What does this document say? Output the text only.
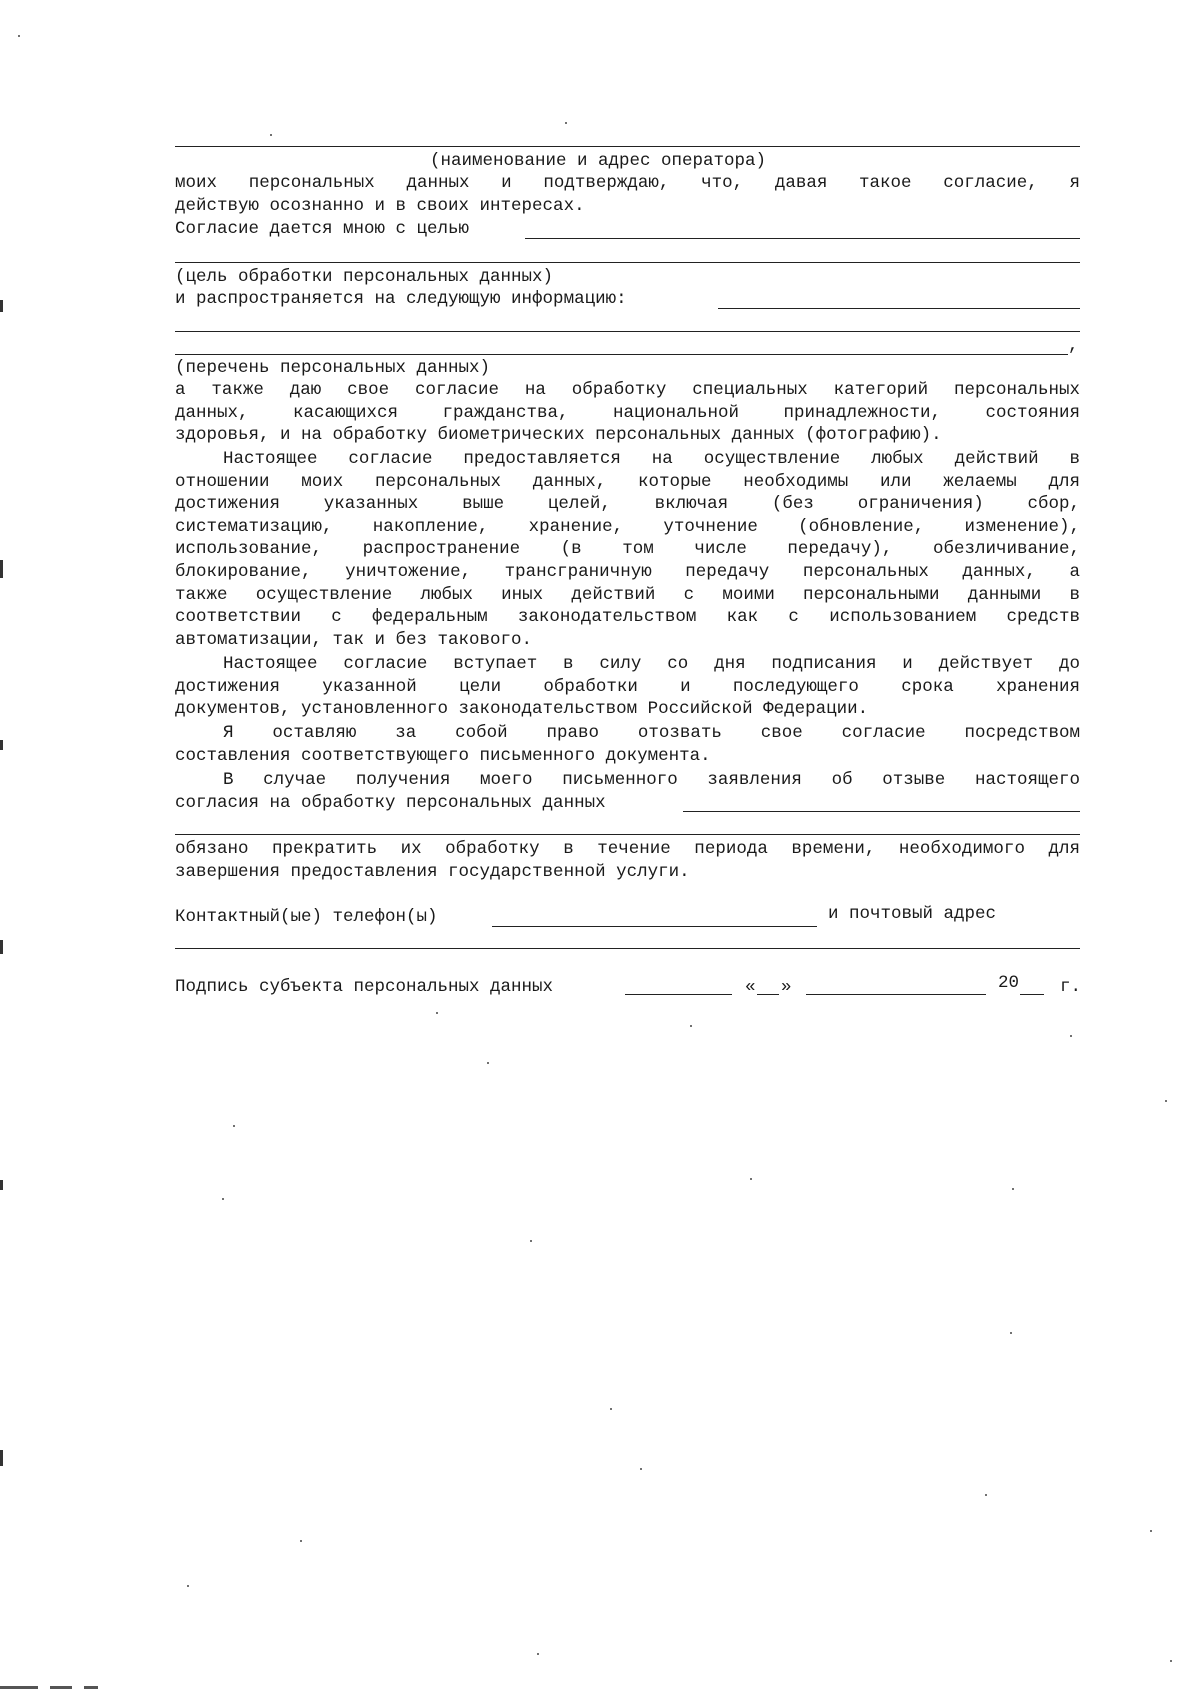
(наименование и адрес оператора)
моих персональных данных и подтверждаю, что, давая такое согласие, я
действую осознанно и в своих интересах.
Согласие дается мною с целью
(цель обработки персональных данных)
и распространяется на следующую информацию:
,
(перечень персональных данных)
а также даю свое согласие на обработку специальных категорий персональных
данных, касающихся гражданства, национальной принадлежности, состояния
здоровья, и на обработку биометрических персональных данных (фотографию).
Настоящее согласие предоставляется на осуществление любых действий в
отношении моих персональных данных, которые необходимы или желаемы для
достижения указанных выше целей, включая (без ограничения) сбор,
систематизацию, накопление, хранение, уточнение (обновление, изменение),
использование, распространение (в том числе передачу), обезличивание,
блокирование, уничтожение, трансграничную передачу персональных данных, а
также осуществление любых иных действий с моими персональными данными в
соответствии с федеральным законодательством как с использованием средств
автоматизации, так и без такового.
Настоящее согласие вступает в силу со дня подписания и действует до
достижения указанной цели обработки и последующего срока хранения
документов, установленного законодательством Российской Федерации.
Я оставляю за собой право отозвать свое согласие посредством
составления соответствующего письменного документа.
В случае получения моего письменного заявления об отзыве настоящего
согласия на обработку персональных данных
обязано прекратить их обработку в течение периода времени, необходимого для
завершения предоставления государственной услуги.
Контактный(ые) телефон(ы)	и почтовый адрес
Подпись субъекта персональных данных	« »	20 г.
